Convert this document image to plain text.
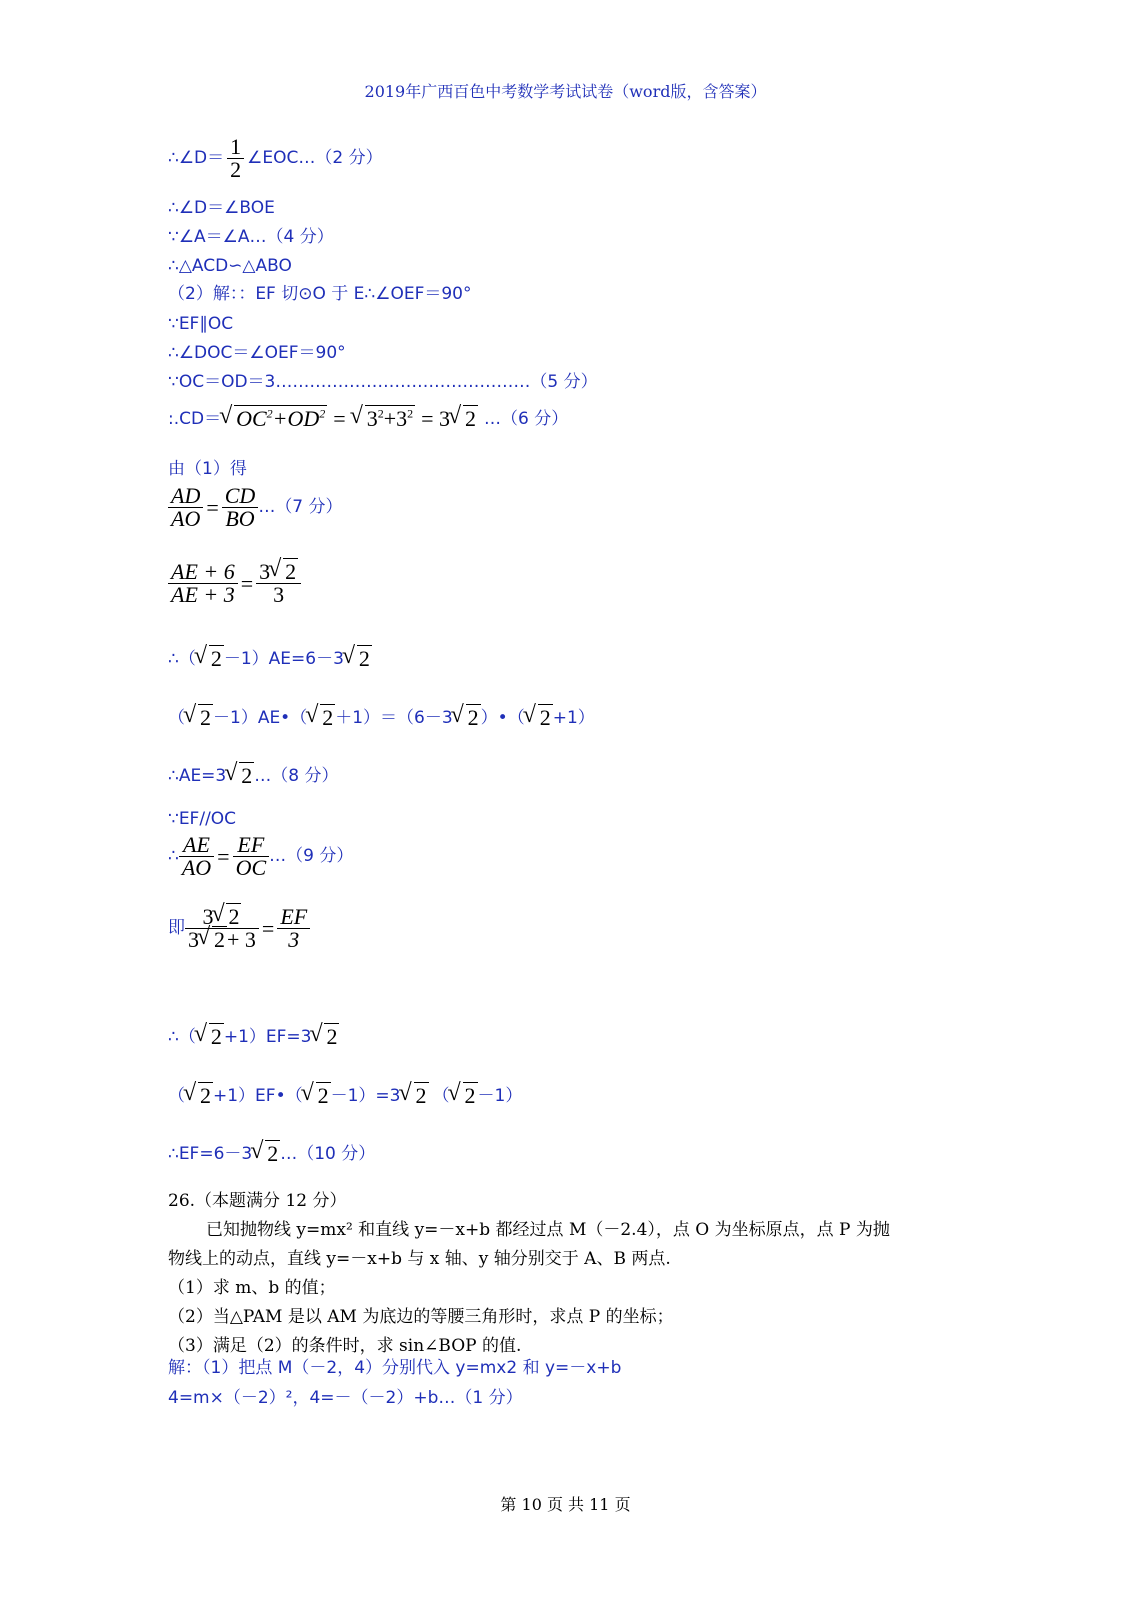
2019年广西百色中考数学考试试卷（word版，含答案）
∴∠D＝ $\frac{1}{2}$ ∠EOC…（2 分）
∴∠D＝∠BOE
∵∠A＝∠A…（4 分）
∴△ACD∽△ABO
（2）解：：EF 切⊙O 于 E∴∠OEF＝90°
∵EF∥OC
∴∠DOC＝∠OEF＝90°
∵OC＝OD＝3………………………………………（5 分）
:.CD＝ √ $OC^2+OD^2$ = √ $3^2+3^2 = 3$ √ 2 …（6 分）
由（1）得
$\frac{AD}{AO} = \frac{CD}{BO}$ …（7 分）
$\frac{AE + 6}{AE + 3} = \frac{3 √ 2}{3}$
∴（ √ 2 －1）AE=6－3 √ 2
（ √ 2 －1）AE•（ √ 2 ＋1）＝（6－3 √ 2 ）•（ √ 2 +1）
∴AE=3 √ 2 …（8 分）
∵EF//OC
∴ $\frac{AE}{AO} = \frac{EF}{OC}$ …（9 分）
即 $\frac{3 √ 2}{3 √ 2+ 3} = \frac{EF}{3}$
∴（ √ 2 +1）EF=3 √ 2
（ √ 2 +1）EF•（ √ 2 －1）=3 √ 2 （ √ 2 －1）
∴EF=6－3 √ 2 …（10 分）
26.（本题满分 12 分）
已知抛物线 y=mx² 和直线 y=－x+b 都经过点 M（－2.4），点 O 为坐标原点，点 P 为抛
物线上的动点，直线 y=－x+b 与 x 轴、y 轴分别交于 A、B 两点.
（1）求 m、b 的值；
（2）当△PAM 是以 AM 为底边的等腰三角形时，求点 P 的坐标；
（3）满足（2）的条件时，求 sin∠BOP 的值.
解：（1）把点 M（－2，4）分别代入 y=mx2 和 y=－x+b
4=m×（－2）²，4=－（－2）+b…（1 分）
第 10 页 共 11 页
